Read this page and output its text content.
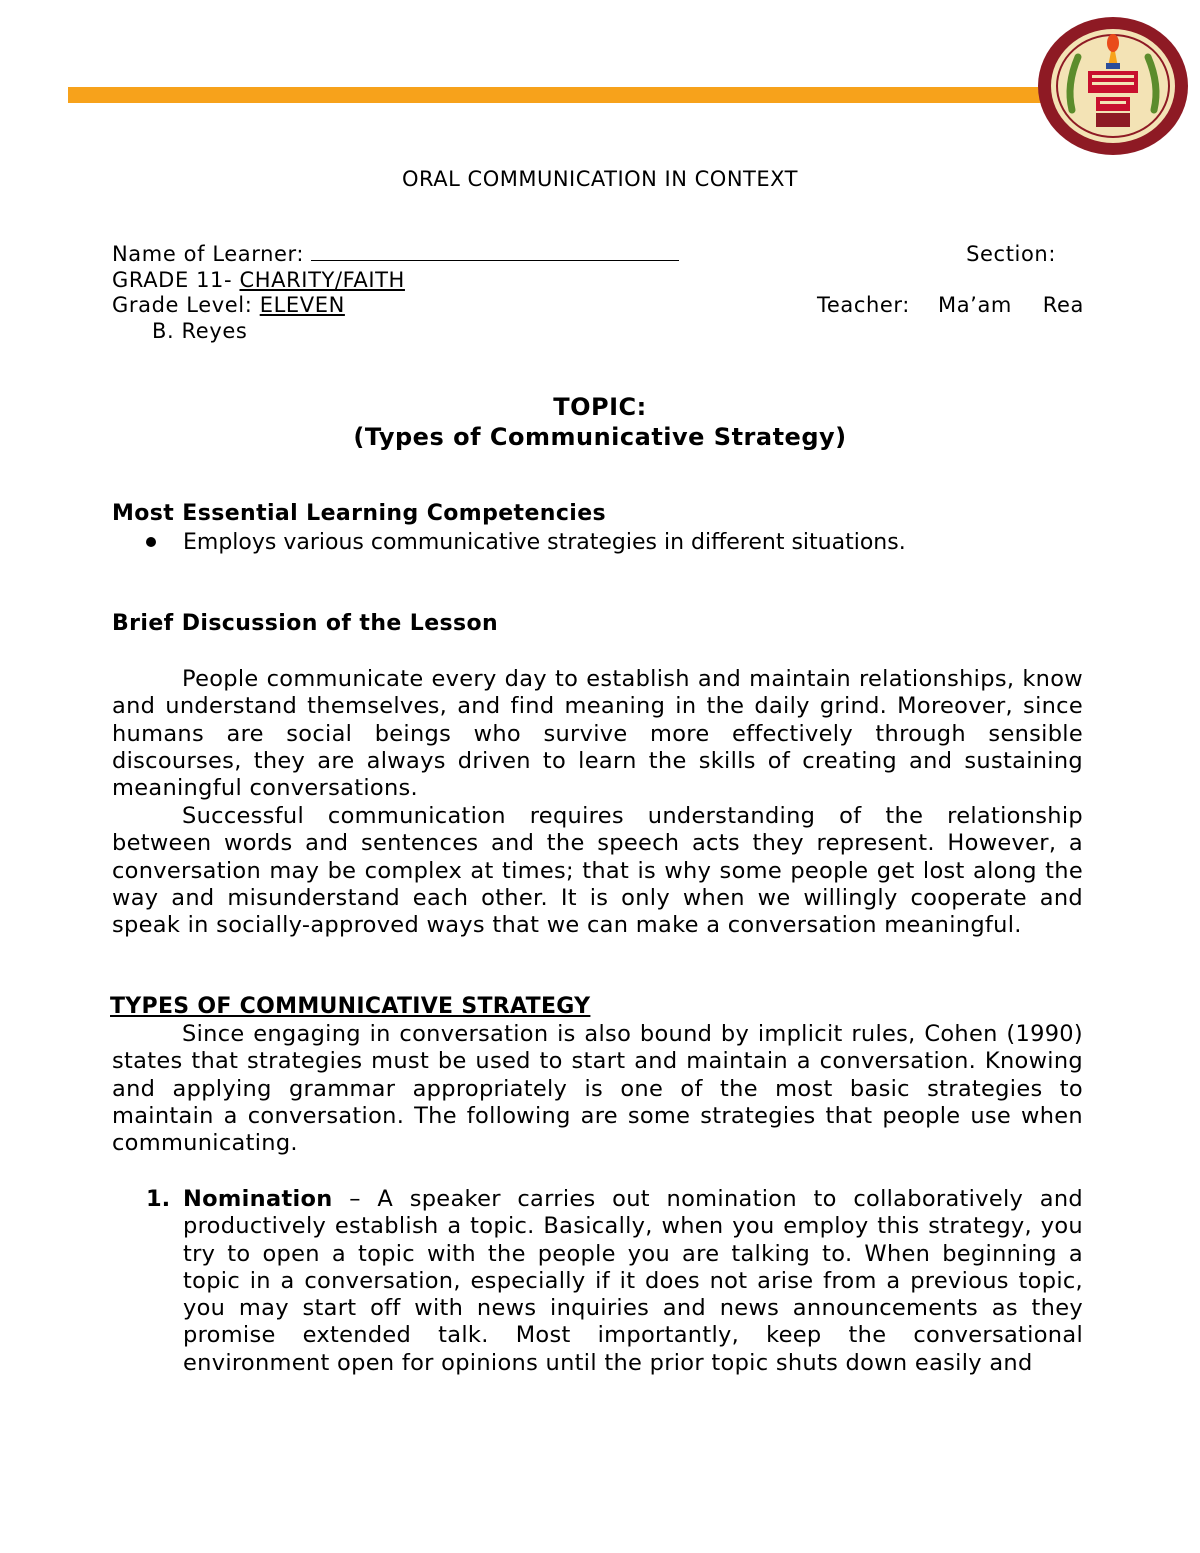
ORAL COMMUNICATION IN CONTEXT
Name of Learner:	Section:
GRADE 11- CHARITY/FAITH
Grade Level: ELEVEN	Teacher: Ma’am Rea
B. Reyes
TOPIC:
(Types of Communicative Strategy)
Most Essential Learning Competencies
Employs various communicative strategies in different situations.
Brief Discussion of the Lesson
People communicate every day to establish and maintain relationships, know and understand themselves, and find meaning in the daily grind. Moreover, since humans are social beings who survive more effectively through sensible discourses, they are always driven to learn the skills of creating and sustaining meaningful conversations.
Successful communication requires understanding of the relationship between words and sentences and the speech acts they represent. However, a conversation may be complex at times; that is why some people get lost along the way and misunderstand each other. It is only when we willingly cooperate and speak in socially-approved ways that we can make a conversation meaningful.
TYPES OF COMMUNICATIVE STRATEGY
Since engaging in conversation is also bound by implicit rules, Cohen (1990) states that strategies must be used to start and maintain a conversation. Knowing and applying grammar appropriately is one of the most basic strategies to maintain a conversation. The following are some strategies that people use when communicating.
1. Nomination – A speaker carries out nomination to collaboratively and productively establish a topic. Basically, when you employ this strategy, you try to open a topic with the people you are talking to. When beginning a topic in a conversation, especially if it does not arise from a previous topic, you may start off with news inquiries and news announcements as they promise extended talk. Most importantly, keep the conversational environment open for opinions until the prior topic shuts down easily and
